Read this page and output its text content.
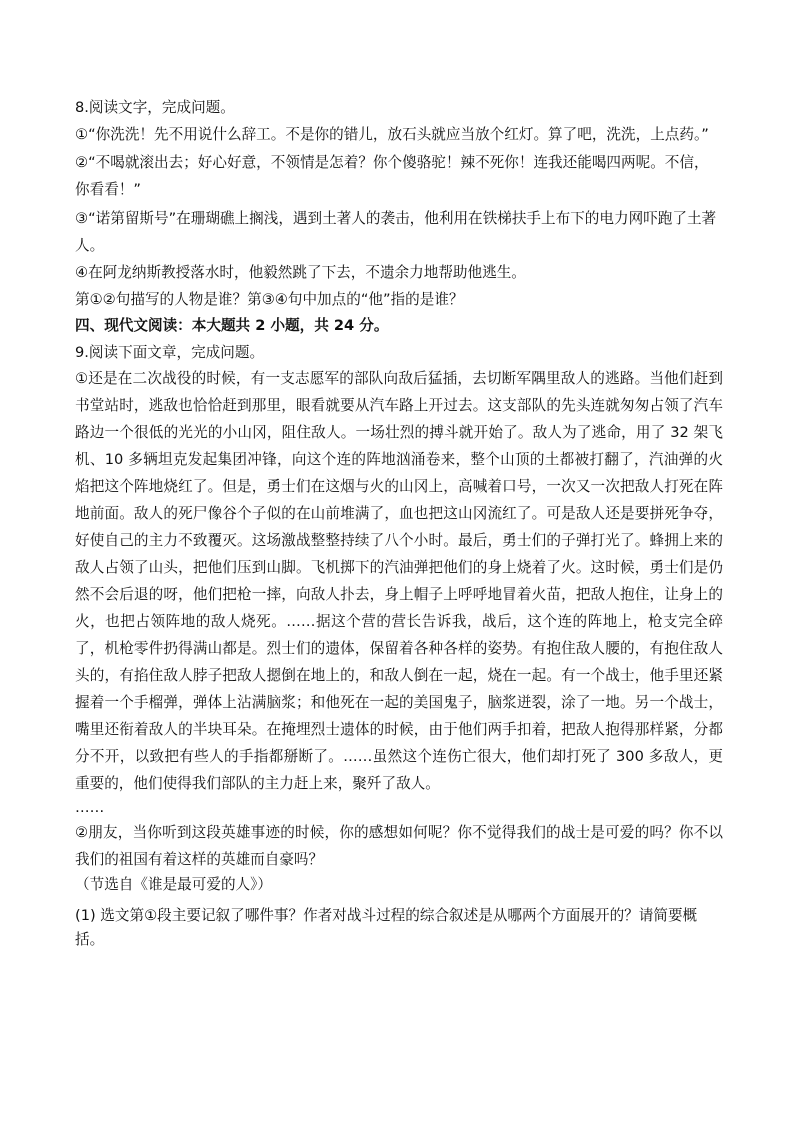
8.阅读文字，完成问题。

①“你洗洗！先不用说什么辞工。不是你的错儿，放石头就应当放个红灯。算了吧，洗洗，上点药。”

②“不喝就滚出去；好心好意，不领情是怎着？你个傻骆驼！辣不死你！连我还能喝四两呢。不信，你看看！”

③“诺第留斯号”在珊瑚礁上搁浅，遇到土著人的袭击，他利用在铁梯扶手上布下的电力网吓跑了土著人。

④在阿龙纳斯教授落水时，他毅然跳了下去，不遗余力地帮助他逃生。

第①②句描写的人物是谁？第③④句中加点的“他”指的是谁？

四、现代文阅读：本大题共 2 小题，共 24 分。

9.阅读下面文章，完成问题。

①还是在二次战役的时候，有一支志愿军的部队向敌后猛插，去切断军隅里敌人的逃路。当他们赶到书堂站时，逃敌也恰恰赶到那里，眼看就要从汽车路上开过去。这支部队的先头连就匆匆占领了汽车路边一个很低的光光的小山冈，阻住敌人。一场壮烈的搏斗就开始了。敌人为了逃命，用了 32 架飞机、10 多辆坦克发起集团冲锋，向这个连的阵地汹涌卷来，整个山顶的土都被打翻了，汽油弹的火焰把这个阵地烧红了。但是，勇士们在这烟与火的山冈上，高喊着口号，一次又一次把敌人打死在阵地前面。敌人的死尸像谷个子似的在山前堆满了，血也把这山冈流红了。可是敌人还是要拼死争夺，好使自己的主力不致覆灭。这场激战整整持续了八个小时。最后，勇士们的子弹打光了。蜂拥上来的敌人占领了山头，把他们压到山脚。飞机掷下的汽油弹把他们的身上烧着了火。这时候，勇士们是仍然不会后退的呀，他们把枪一摔，向敌人扑去，身上帽子上呼呼地冒着火苗，把敌人抱住，让身上的火，也把占领阵地的敌人烧死。……据这个营的营长告诉我，战后，这个连的阵地上，枪支完全碎了，机枪零件扔得满山都是。烈士们的遗体，保留着各种各样的姿势。有抱住敌人腰的，有抱住敌人头的，有掐住敌人脖子把敌人摁倒在地上的，和敌人倒在一起，烧在一起。有一个战士，他手里还紧握着一个手榴弹，弹体上沾满脑浆；和他死在一起的美国鬼子，脑浆迸裂，涂了一地。另一个战士，嘴里还衔着敌人的半块耳朵。在掩埋烈士遗体的时候，由于他们两手扣着，把敌人抱得那样紧，分都分不开，以致把有些人的手指都掰断了。……虽然这个连伤亡很大，他们却打死了 300 多敌人，更重要的，他们使得我们部队的主力赶上来，聚歼了敌人。

……

②朋友，当你听到这段英雄事迹的时候，你的感想如何呢？你不觉得我们的战士是可爱的吗？你不以我们的祖国有着这样的英雄而自豪吗？

（节选自《谁是最可爱的人》）

(1) 选文第①段主要记叙了哪件事？作者对战斗过程的综合叙述是从哪两个方面展开的？请简要概括。
